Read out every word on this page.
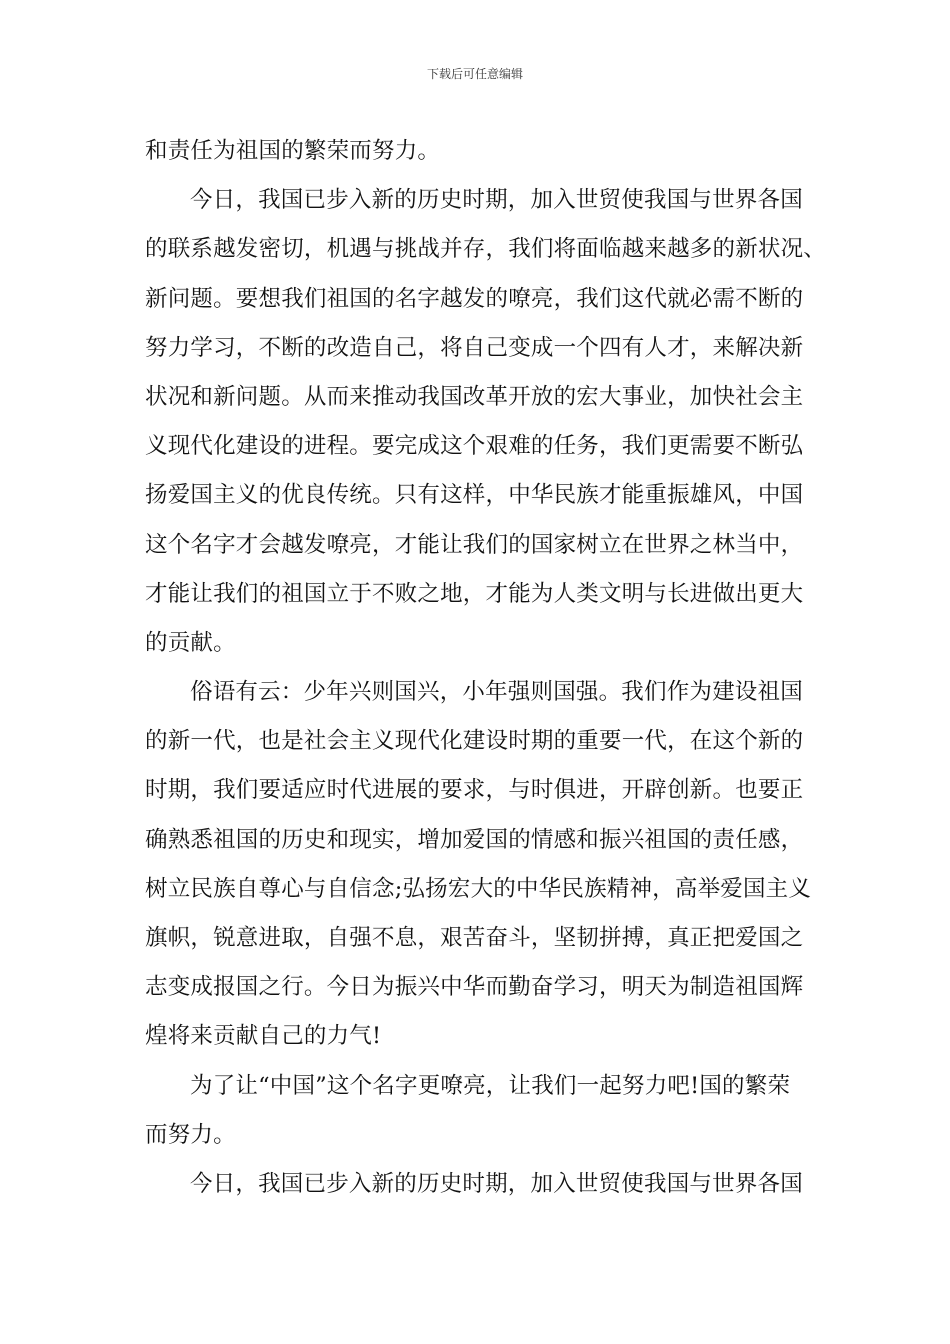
下载后可任意编辑
和责任为祖国的繁荣而努力。
今日，我国已步入新的历史时期，加入世贸使我国与世界各国
的联系越发密切，机遇与挑战并存，我们将面临越来越多的新状况、
新问题。要想我们祖国的名字越发的嘹亮，我们这代就必需不断的
努力学习，不断的改造自己，将自己变成一个四有人才，来解决新
状况和新问题。从而来推动我国改革开放的宏大事业，加快社会主
义现代化建设的进程。要完成这个艰难的任务，我们更需要不断弘
扬爱国主义的优良传统。只有这样，中华民族才能重振雄风，中国
这个名字才会越发嘹亮，才能让我们的国家树立在世界之林当中，
才能让我们的祖国立于不败之地，才能为人类文明与长进做出更大
的贡献。
俗语有云：少年兴则国兴，小年强则国强。我们作为建设祖国
的新一代，也是社会主义现代化建设时期的重要一代，在这个新的
时期，我们要适应时代进展的要求，与时俱进，开辟创新。也要正
确熟悉祖国的历史和现实，增加爱国的情感和振兴祖国的责任感，
树立民族自尊心与自信念;弘扬宏大的中华民族精神，高举爱国主义
旗帜，锐意进取，自强不息，艰苦奋斗，坚韧拼搏，真正把爱国之
志变成报国之行。今日为振兴中华而勤奋学习，明天为制造祖国辉
煌将来贡献自己的力气!
为了让“中国”这个名字更嘹亮，让我们一起努力吧!国的繁荣
而努力。
今日，我国已步入新的历史时期，加入世贸使我国与世界各国
